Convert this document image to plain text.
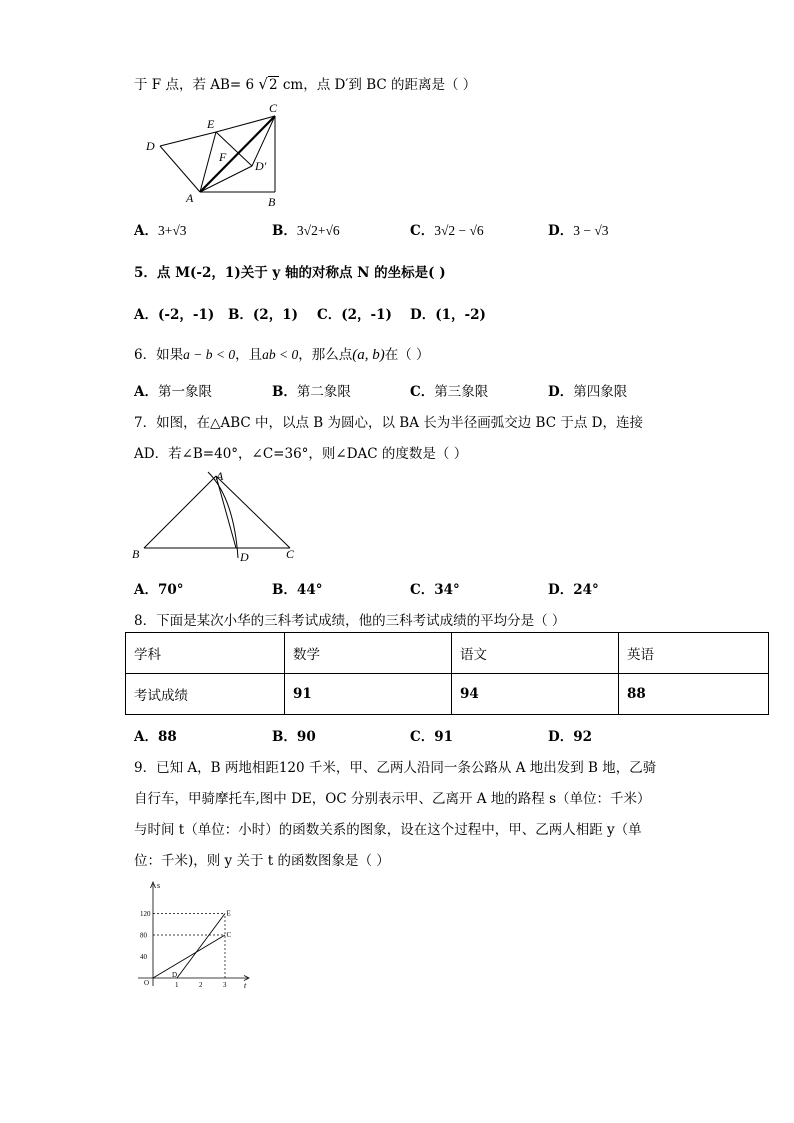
于 F 点，若 AB= 6 √2 cm，点 D′到 BC 的距离是（ ）
C
E
D
F
D'
A	B
A．3+√3	B．3√2+√6	C．3√2 − √6	D．3 − √3
5．点 M(-2，1)关于 y 轴的对称点 N 的坐标是( )
A．(-2，-1) B．(2，1) C．(2，-1) D．(1，-2)
6．如果a − b < 0，且ab < 0，那么点(a, b)在（ ）
A．第一象限	B．第二象限	C．第三象限	D．第四象限
7．如图，在△ABC 中，以点 B 为圆心，以 BA 长为半径画弧交边 BC 于点 D，连接
AD．若∠B=40°，∠C=36°，则∠DAC 的度数是（ ）
A
B	D	C
A．70°	B．44°	C．34°	D．24°
8．下面是某次小华的三科考试成绩，他的三科考试成绩的平均分是（ ）
学科	数学	语文	英语
考试成绩	91	94	88
A．88	B．90	C．91	D．92
9．已知 A，B 两地相距120 千米，甲、乙两人沿同一条公路从 A 地出发到 B 地，乙骑
自行车，甲骑摩托车,图中 DE，OC 分别表示甲、乙离开 A 地的路程 s（单位：千米）
与时间 t（单位：小时）的函数关系的图象，设在这个过程中，甲、乙两人相距 y（单
位：千米)，则 y 关于 t 的函数图象是（ ）
1	2	3
40
80
120
C
E
D
s
t
O
